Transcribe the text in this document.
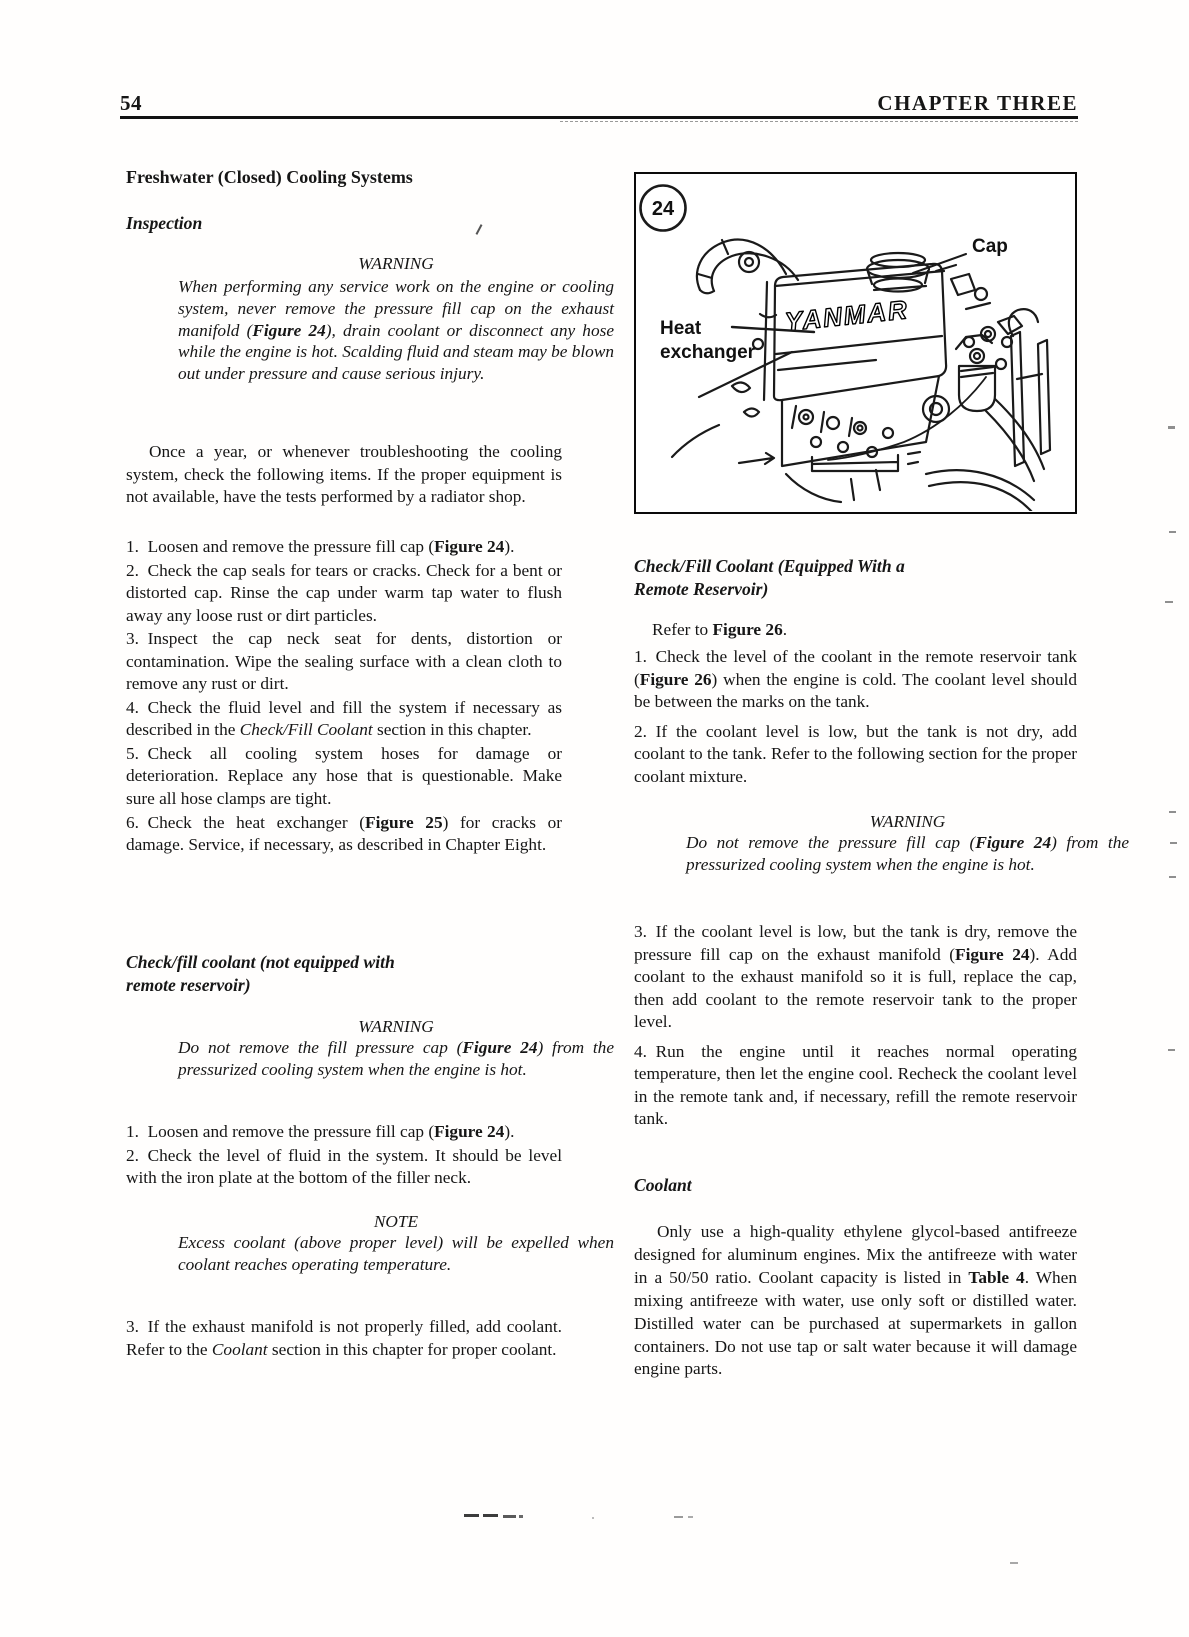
54	CHAPTER THREE
Freshwater (Closed) Cooling Systems
Inspection
WARNING
When performing any service work on the engine or cooling system, never remove the pressure fill cap on the exhaust manifold (Figure 24), drain coolant or disconnect any hose while the engine is hot. Scalding fluid and steam may be blown out under pressure and cause serious injury.
Once a year, or whenever troubleshooting the cooling system, check the following items. If the proper equipment is not available, have the tests performed by a radiator shop.

1. Loosen and remove the pressure fill cap (Figure 24).

2. Check the cap seals for tears or cracks. Check for a bent or distorted cap. Rinse the cap under warm tap water to flush away any loose rust or dirt particles.

3. Inspect the cap neck seat for dents, distortion or contamination. Wipe the sealing surface with a clean cloth to remove any rust or dirt.

4. Check the fluid level and fill the system if necessary as described in the Check/Fill Coolant section in this chapter.

5. Check all cooling system hoses for damage or deterioration. Replace any hose that is questionable. Make sure all hose clamps are tight.

6. Check the heat exchanger (Figure 25) for cracks or damage. Service, if necessary, as described in Chapter Eight.

Check/fill coolant (not equipped with
remote reservoir)
WARNING
Do not remove the fill pressure cap (Figure 24) from the pressurized cooling system when the engine is hot.

1. Loosen and remove the pressure fill cap (Figure 24).

2. Check the level of fluid in the system. It should be level with the iron plate at the bottom of the filler neck.

NOTE
Excess coolant (above proper level) will be expelled when coolant reaches operating temperature.
3. If the exhaust manifold is not properly filled, add coolant. Refer to the Coolant section in this chapter for proper coolant.
24
YANMAR
Cap
Heat
exchanger
Check/Fill Coolant (Equipped With a
Remote Reservoir)
Refer to Figure 26.

1. Check the level of the coolant in the remote reservoir tank (Figure 26) when the engine is cold. The coolant level should be between the marks on the tank.

2. If the coolant level is low, but the tank is not dry, add coolant to the tank. Refer to the following section for the proper coolant mixture.

WARNING
Do not remove the pressure fill cap (Figure 24) from the pressurized cooling system when the engine is hot.

3. If the coolant level is low, but the tank is dry, remove the pressure fill cap on the exhaust manifold (Figure 24). Add coolant to the exhaust manifold so it is full, replace the cap, then add coolant to the remote reservoir tank to the proper level.

4. Run the engine until it reaches normal operating temperature, then let the engine cool. Recheck the coolant level in the remote tank and, if necessary, refill the remote reservoir tank.

Coolant
Only use a high-quality ethylene glycol-based antifreeze designed for aluminum engines. Mix the antifreeze with water in a 50/50 ratio. Coolant capacity is listed in Table 4. When mixing antifreeze with water, use only soft or distilled water. Distilled water can be purchased at supermarkets in gallon containers. Do not use tap or salt water because it will damage engine parts.
